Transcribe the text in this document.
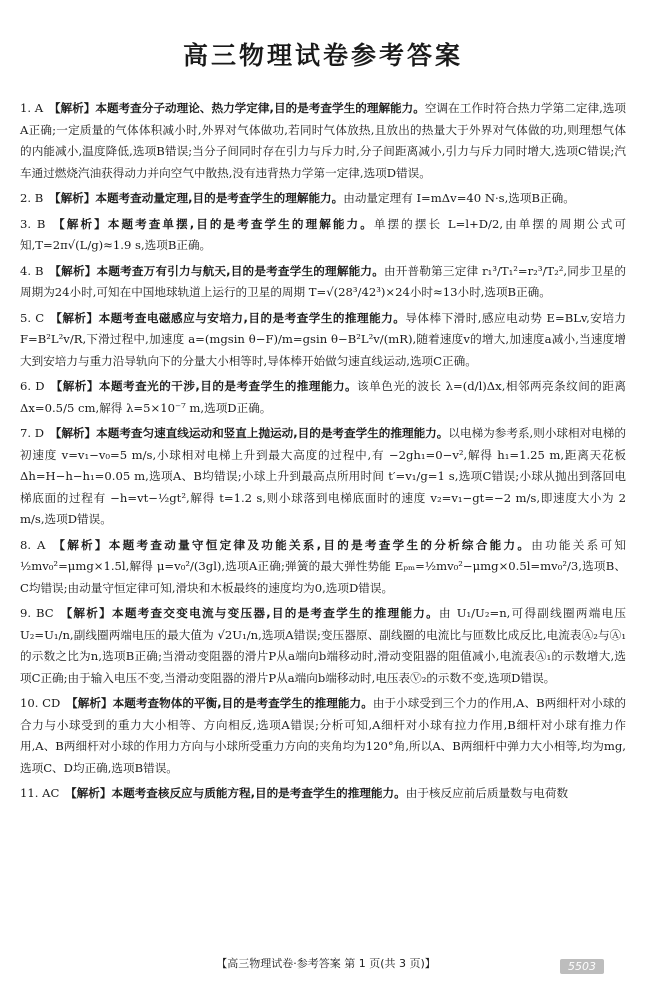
高三物理试卷参考答案

1. A 【解析】本题考查分子动理论、热力学定律,目的是考查学生的理解能力。空调在工作时符合热力学第二定律,选项A正确;一定质量的气体体积减小时,外界对气体做功,若同时气体放热,且放出的热量大于外界对气体做的功,则理想气体的内能减小,温度降低,选项B错误;当分子间同时存在引力与斥力时,分子间距离减小,引力与斥力同时增大,选项C错误;汽车通过燃烧汽油获得动力并向空气中散热,没有违背热力学第一定律,选项D错误。

2. B 【解析】本题考查动量定理,目的是考查学生的理解能力。由动量定理有 I=mΔv=40 N·s,选项B正确。

3. B 【解析】本题考查单摆,目的是考查学生的理解能力。单摆的摆长 L=l+D/2,由单摆的周期公式可知,T=2π√(L/g)≈1.9 s,选项B正确。

4. B 【解析】本题考查万有引力与航天,目的是考查学生的理解能力。由开普勒第三定律 r₁³/T₁²=r₂³/T₂²,同步卫星的周期为24小时,可知在中国地球轨道上运行的卫星的周期 T=√(28³/42³)×24小时≈13小时,选项B正确。

5. C 【解析】本题考查电磁感应与安培力,目的是考查学生的推理能力。导体棒下滑时,感应电动势 E=BLv,安培力 F=B²L²v/R,下滑过程中,加速度 a=(mgsin θ−F)/m=gsin θ−B²L²v/(mR),随着速度v的增大,加速度a减小,当速度增大到安培力与重力沿导轨向下的分量大小相等时,导体棒开始做匀速直线运动,选项C正确。

6. D 【解析】本题考查光的干涉,目的是考查学生的推理能力。该单色光的波长 λ=(d/l)Δx,相邻两亮条纹间的距离 Δx=0.5/5 cm,解得 λ=5×10⁻⁷ m,选项D正确。

7. D 【解析】本题考查匀速直线运动和竖直上抛运动,目的是考查学生的推理能力。以电梯为参考系,则小球相对电梯的初速度 v=v₁−v₀=5 m/s,小球相对电梯上升到最大高度的过程中,有 −2gh₁=0−v²,解得 h₁=1.25 m,距离天花板 Δh=H−h−h₁=0.05 m,选项A、B均错误;小球上升到最高点所用时间 t′=v₁/g=1 s,选项C错误;小球从抛出到落回电梯底面的过程有 −h=vt−½gt²,解得 t=1.2 s,则小球落到电梯底面时的速度 v₂=v₁−gt=−2 m/s,即速度大小为 2 m/s,选项D错误。

8. A 【解析】本题考查动量守恒定律及功能关系,目的是考查学生的分析综合能力。由功能关系可知 ½mv₀²=μmg×1.5l,解得 μ=v₀²/(3gl),选项A正确;弹簧的最大弹性势能 Eₚₘ=½mv₀²−μmg×0.5l=mv₀²/3,选项B、C均错误;由动量守恒定律可知,滑块和木板最终的速度均为0,选项D错误。

9. BC 【解析】本题考查交变电流与变压器,目的是考查学生的推理能力。由 U₁/U₂=n,可得副线圈两端电压 U₂=U₁/n,副线圈两端电压的最大值为 √2U₁/n,选项A错误;变压器原、副线圈的电流比与匝数比成反比,电流表Ⓐ₂与Ⓐ₁的示数之比为n,选项B正确;当滑动变阻器的滑片P从a端向b端移动时,滑动变阻器的阻值减小,电流表Ⓐ₁的示数增大,选项C正确;由于输入电压不变,当滑动变阻器的滑片P从a端向b端移动时,电压表Ⓥ₂的示数不变,选项D错误。

10. CD 【解析】本题考查物体的平衡,目的是考查学生的推理能力。由于小球受到三个力的作用,A、B两细杆对小球的合力与小球受到的重力大小相等、方向相反,选项A错误;分析可知,A细杆对小球有拉力作用,B细杆对小球有推力作用,A、B两细杆对小球的作用力方向与小球所受重力方向的夹角均为120°角,所以A、B两细杆中弹力大小相等,均为mg,选项C、D均正确,选项B错误。

11. AC 【解析】本题考查核反应与质能方程,目的是考查学生的推理能力。由于核反应前后质量数与电荷数

【高三物理试卷·参考答案 第 1 页(共 3 页)】	5503
